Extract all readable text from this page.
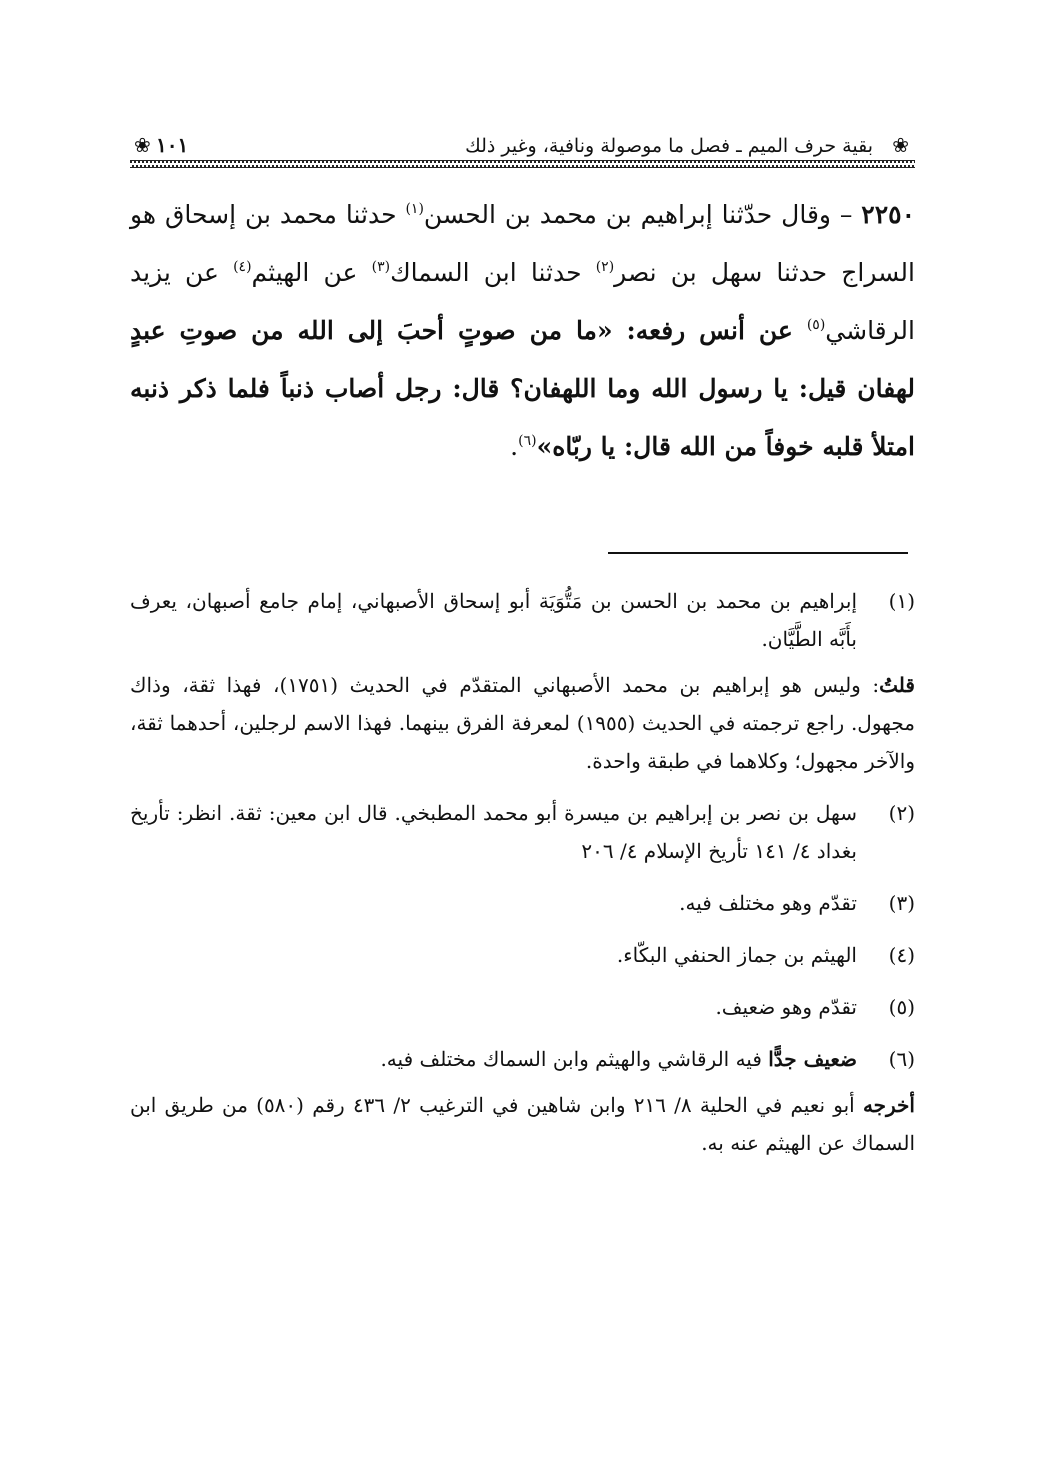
❀
بقية حرف الميم ـ فصل ما موصولة ونافية، وغير ذلك
١٠١
❀
٢٢٥٠ – وقال حدّثنا إبراهيم بن محمد بن الحسن$^{(١)}$ حدثنا محمد بن إسحاق هو السراج حدثنا سهل بن نصر$^{(٢)}$ حدثنا ابن السماك$^{(٣)}$ عن الهيثم$^{(٤)}$ عن يزيد الرقاشي$^{(٥)}$ عن أنس رفعه: «ما من صوتٍ أحبَ إلى الله من صوتِ عبدٍ لهفان قيل: يا رسول الله وما اللهفان؟ قال: رجل أصاب ذنباً فلما ذكر ذنبه امتلأ قلبه خوفاً من الله قال: يا ربّاه»$^{(٦)}$.
(١)
إبراهيم بن محمد بن الحسن بن مَتُّوَيَة أبو إسحاق الأصبهاني، إمام جامع أصبهان، يعرف بأَبَّه الطَّيَّان.
قلتُ: وليس هو إبراهيم بن محمد الأصبهاني المتقدّم في الحديث (١٧٥١)، فهذا ثقة، وذاك مجهول. راجع ترجمته في الحديث (١٩٥٥) لمعرفة الفرق بينهما. فهذا الاسم لرجلين، أحدهما ثقة، والآخر مجهول؛ وكلاهما في طبقة واحدة.
(٢)
سهل بن نصر بن إبراهيم بن ميسرة أبو محمد المطبخي. قال ابن معين: ثقة. انظر: تأريخ بغداد ٤/ ١٤١ تأريخ الإسلام ٤/ ٢٠٦
(٣)
تقدّم وهو مختلف فيه.
(٤)
الهيثم بن جماز الحنفي البكّاء.
(٥)
تقدّم وهو ضعيف.
(٦)
ضعيف جدًّا فيه الرقاشي والهيثم وابن السماك مختلف فيه.
أخرجه أبو نعيم في الحلية ٨/ ٢١٦ وابن شاهين في الترغيب ٢/ ٤٣٦ رقم (٥٨٠) من طريق ابن السماك عن الهيثم عنه به.
